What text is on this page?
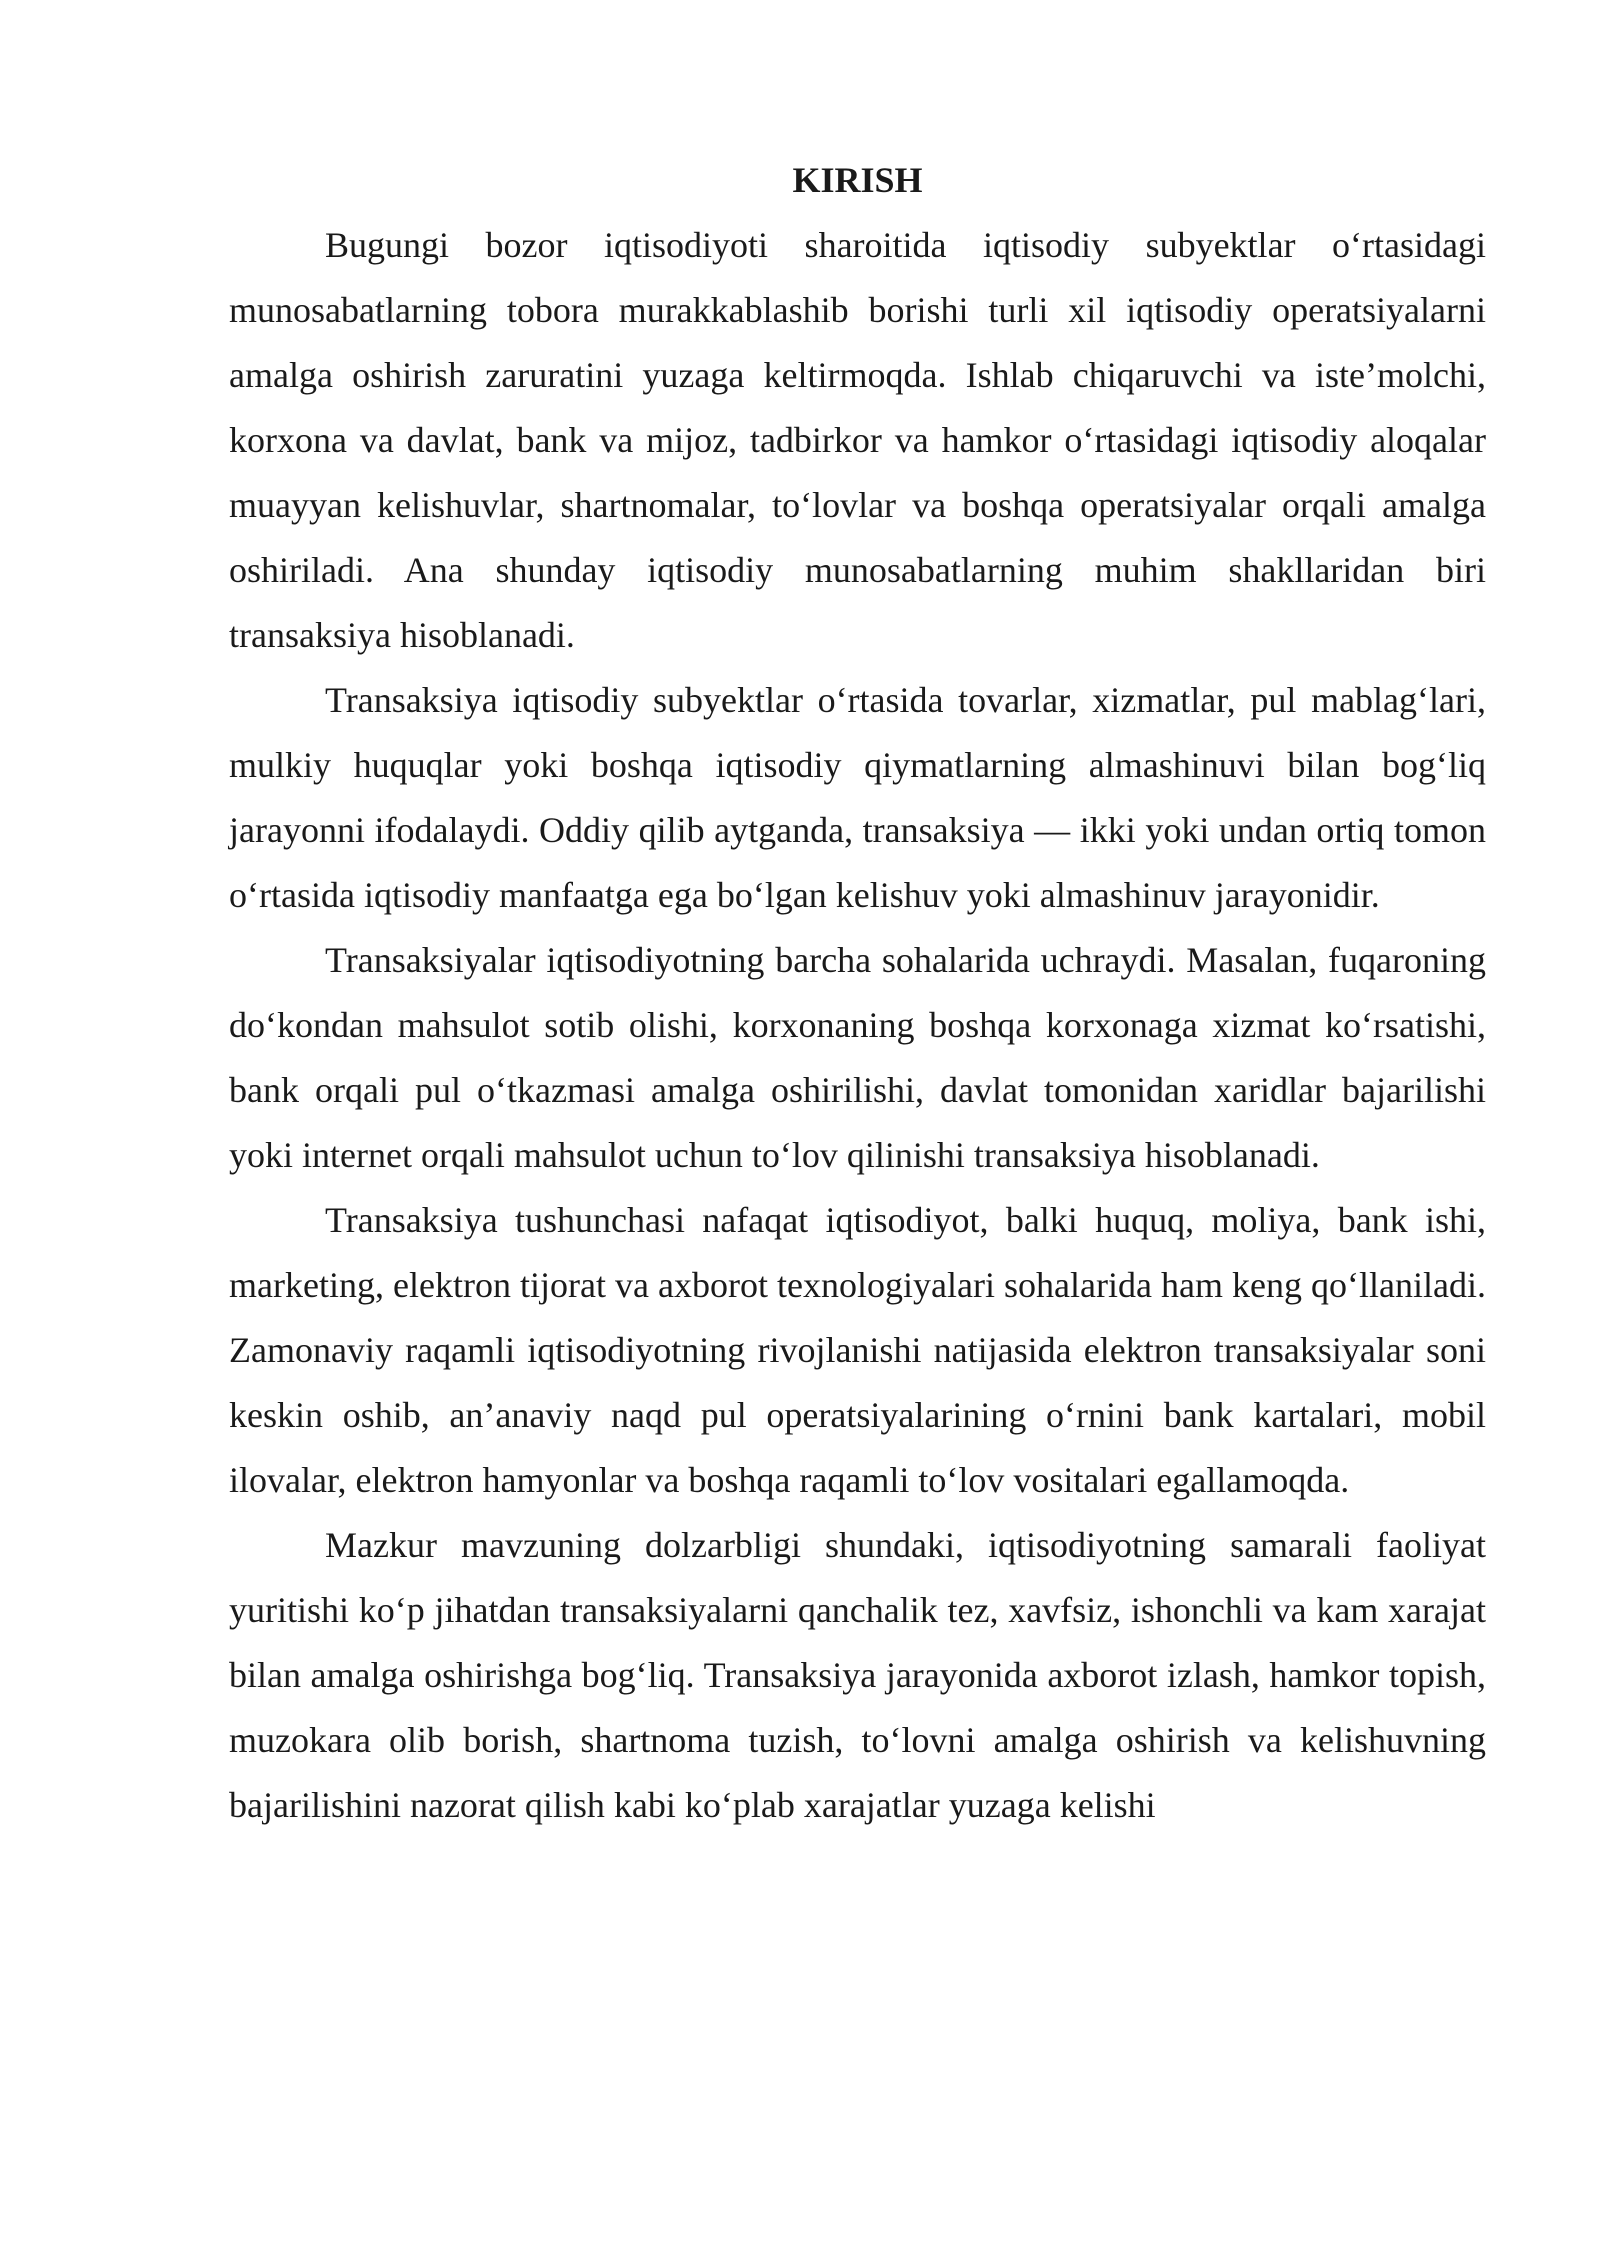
KIRISH

Bugungi bozor iqtisodiyoti sharoitida iqtisodiy subyektlar o‘rtasidagi munosabatlarning tobora murakkablashib borishi turli xil iqtisodiy operatsiyalarni amalga oshirish zaruratini yuzaga keltirmoqda. Ishlab chiqaruvchi va iste’molchi, korxona va davlat, bank va mijoz, tadbirkor va hamkor o‘rtasidagi iqtisodiy aloqalar muayyan kelishuvlar, shartnomalar, to‘lovlar va boshqa operatsiyalar orqali amalga oshiriladi. Ana shunday iqtisodiy munosabatlarning muhim shakllaridan biri transaksiya hisoblanadi.

Transaksiya iqtisodiy subyektlar o‘rtasida tovarlar, xizmatlar, pul mablag‘lari, mulkiy huquqlar yoki boshqa iqtisodiy qiymatlarning almashinuvi bilan bog‘liq jarayonni ifodalaydi. Oddiy qilib aytganda, transaksiya — ikki yoki undan ortiq tomon o‘rtasida iqtisodiy manfaatga ega bo‘lgan kelishuv yoki almashinuv jarayonidir.

Transaksiyalar iqtisodiyotning barcha sohalarida uchraydi. Masalan, fuqaroning do‘kondan mahsulot sotib olishi, korxonaning boshqa korxonaga xizmat ko‘rsatishi, bank orqali pul o‘tkazmasi amalga oshirilishi, davlat tomonidan xaridlar bajarilishi yoki internet orqali mahsulot uchun to‘lov qilinishi transaksiya hisoblanadi.

Transaksiya tushunchasi nafaqat iqtisodiyot, balki huquq, moliya, bank ishi, marketing, elektron tijorat va axborot texnologiyalari sohalarida ham keng qo‘llaniladi. Zamonaviy raqamli iqtisodiyotning rivojlanishi natijasida elektron transaksiyalar soni keskin oshib, an’anaviy naqd pul operatsiyalarining o‘rnini bank kartalari, mobil ilovalar, elektron hamyonlar va boshqa raqamli to‘lov vositalari egallamoqda.

Mazkur mavzuning dolzarbligi shundaki, iqtisodiyotning samarali faoliyat yuritishi ko‘p jihatdan transaksiyalarni qanchalik tez, xavfsiz, ishonchli va kam xarajat bilan amalga oshirishga bog‘liq. Transaksiya jarayonida axborot izlash, hamkor topish, muzokara olib borish, shartnoma tuzish, to‘lovni amalga oshirish va kelishuvning bajarilishini nazorat qilish kabi ko‘plab xarajatlar yuzaga kelishi
